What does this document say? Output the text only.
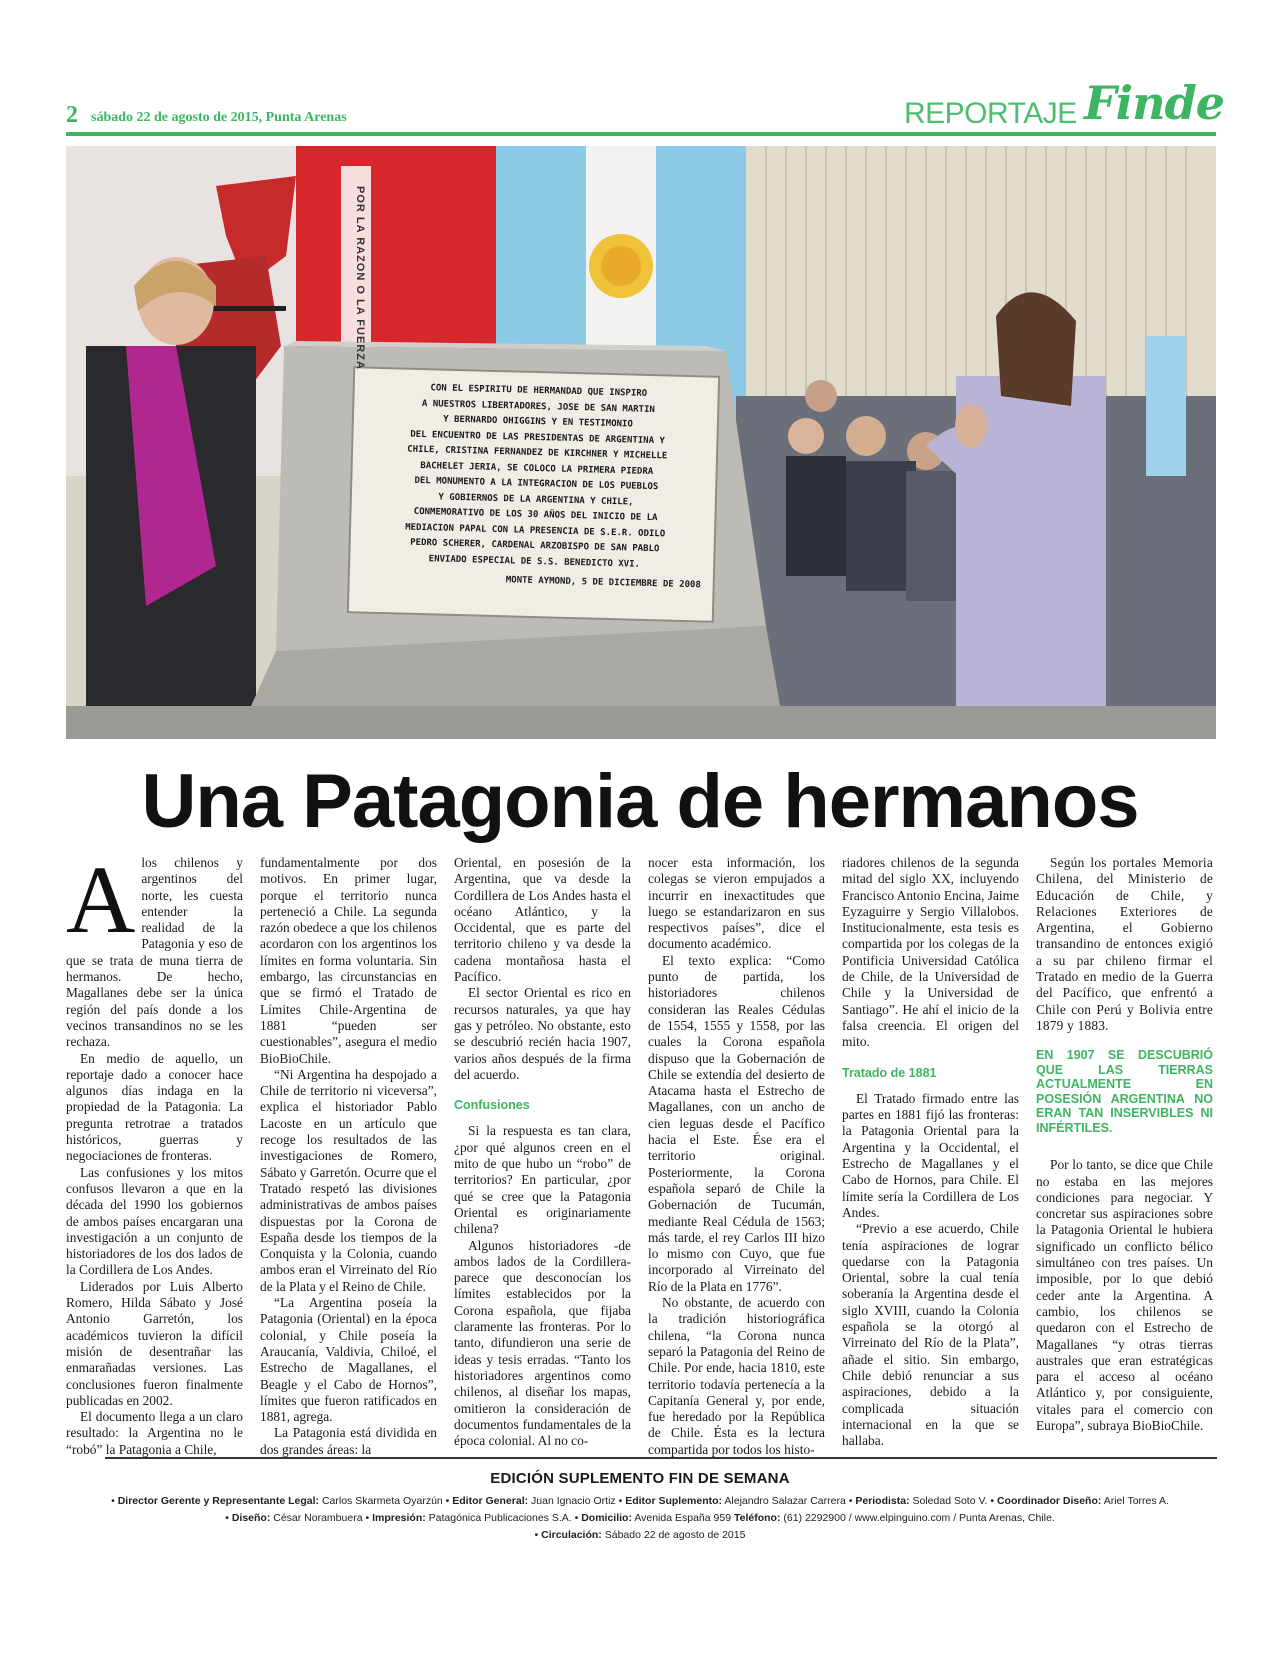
2 sábado 22 de agosto de 2015, Punta Arenas	REPORTAJE Finde
CON EL ESPIRITU DE HERMANDAD QUE INSPIRO
A NUESTROS LIBERTADORES, JOSE DE SAN MARTIN
Y BERNARDO OHIGGINS Y EN TESTIMONIO
DEL ENCUENTRO DE LAS PRESIDENTAS DE ARGENTINA Y
CHILE, CRISTINA FERNANDEZ DE KIRCHNER Y MICHELLE
BACHELET JERIA, SE COLOCO LA PRIMERA PIEDRA
DEL MONUMENTO A LA INTEGRACION DE LOS PUEBLOS
Y GOBIERNOS DE LA ARGENTINA Y CHILE,
CONMEMORATIVO DE LOS 30 AÑOS DEL INICIO DE LA
MEDIACION PAPAL CON LA PRESENCIA DE S.E.R. ODILO
PEDRO SCHERER, CARDENAL ARZOBISPO DE SAN PABLO
ENVIADO ESPECIAL DE S.S. BENEDICTO XVI.
MONTE AYMOND, 5 DE DICIEMBRE DE 2008
POR LA RAZON O LA FUERZA
Una Patagonia de hermanos
A los chilenos y argentinos del norte, les cuesta entender la realidad de la Patagonia y eso de que se trata de muna tierra de hermanos. De hecho, Magallanes debe ser la única región del país donde a los vecinos transandinos no se les rechaza.

En medio de aquello, un reportaje dado a conocer hace algunos días indaga en la propiedad de la Patagonia. La pregunta retrotrae a tratados históricos, guerras y negociaciones de fronteras.

Las confusiones y los mitos confusos llevaron a que en la década del 1990 los gobiernos de ambos países encargaran una investigación a un conjunto de historiadores de los dos lados de la Cordillera de Los Andes.

Liderados por Luis Alberto Romero, Hilda Sábato y José Antonio Garretón, los académicos tuvieron la difícil misión de desentrañar las enmarañadas versiones. Las conclusiones fueron finalmente publicadas en 2002.

El documento llega a un claro resultado: la Argentina no le “robó” la Patagonia a Chile,

fundamentalmente por dos motivos. En primer lugar, porque el territorio nunca perteneció a Chile. La segunda razón obedece a que los chilenos acordaron con los argentinos los límites en forma voluntaria. Sin embargo, las circunstancias en que se firmó el Tratado de Límites Chile-Argentina de 1881 “pueden ser cuestionables”, asegura el medio BioBioChile.

“Ni Argentina ha despojado a Chile de territorio ni viceversa”, explica el historiador Pablo Lacoste en un artículo que recoge los resultados de las investigaciones de Romero, Sábato y Garretón. Ocurre que el Tratado respetó las divisiones administrativas de ambos países dispuestas por la Corona de España desde los tiempos de la Conquista y la Colonia, cuando ambos eran el Virreinato del Río de la Plata y el Reino de Chile.

“La Argentina poseía la Patagonia (Oriental) en la época colonial, y Chile poseía la Araucanía, Valdivia, Chiloé, el Estrecho de Magallanes, el Beagle y el Cabo de Hornos”, límites que fueron ratificados en 1881, agrega.

La Patagonia está dividida en dos grandes áreas: la

Oriental, en posesión de la Argentina, que va desde la Cordillera de Los Andes hasta el océano Atlántico, y la Occidental, que es parte del territorio chileno y va desde la cadena montañosa hasta el Pacífico.

El sector Oriental es rico en recursos naturales, ya que hay gas y petróleo. No obstante, esto se descubrió recién hacia 1907, varios años después de la firma del acuerdo.

Confusiones

Si la respuesta es tan clara, ¿por qué algunos creen en el mito de que hubo un “robo” de territorios? En particular, ¿por qué se cree que la Patagonia Oriental es originariamente chilena?

Algunos historiadores -de ambos lados de la Cordillera- parece que desconocían los límites establecidos por la Corona española, que fijaba claramente las fronteras. Por lo tanto, difundieron una serie de ideas y tesis erradas. “Tanto los historiadores argentinos como chilenos, al diseñar los mapas, omitieron la consideración de documentos fundamentales de la época colonial. Al no co-

nocer esta información, los colegas se vieron empujados a incurrir en inexactitudes que luego se estandarizaron en sus respectivos países”, dice el documento académico.

El texto explica: “Como punto de partida, los historiadores chilenos consideran las Reales Cédulas de 1554, 1555 y 1558, por las cuales la Corona española dispuso que la Gobernación de Chile se extendía del desierto de Atacama hasta el Estrecho de Magallanes, con un ancho de cien leguas desde el Pacífico hacia el Este. Ése era el territorio original. Posteriormente, la Corona española separó de Chile la Gobernación de Tucumán, mediante Real Cédula de 1563; más tarde, el rey Carlos III hizo lo mismo con Cuyo, que fue incorporado al Virreinato del Río de la Plata en 1776”.

No obstante, de acuerdo con la tradición historiográfica chilena, “la Corona nunca separó la Patagonia del Reino de Chile. Por ende, hacia 1810, este territorio todavía pertenecía a la Capitanía General y, por ende, fue heredado por la República de Chile. Ésta es la lectura compartida por todos los histo-

riadores chilenos de la segunda mitad del siglo XX, incluyendo Francisco Antonio Encina, Jaime Eyzaguirre y Sergio Villalobos. Institucionalmente, esta tesis es compartida por los colegas de la Pontificia Universidad Católica de Chile, de la Universidad de Chile y la Universidad de Santiago”. He ahí el inicio de la falsa creencia. El origen del mito.

Tratado de 1881

El Tratado firmado entre las partes en 1881 fijó las fronteras: la Patagonia Oriental para la Argentina y la Occidental, el Estrecho de Magallanes y el Cabo de Hornos, para Chile. El límite sería la Cordillera de Los Andes.

“Previo a ese acuerdo, Chile tenía aspiraciones de lograr quedarse con la Patagonia Oriental, sobre la cual tenía soberanía la Argentina desde el siglo XVIII, cuando la Colonia española se la otorgó al Virreinato del Río de la Plata”, añade el sitio. Sin embargo, Chile debió renunciar a sus aspiraciones, debido a la complicada situación internacional en la que se hallaba.

Según los portales Memoria Chilena, del Ministerio de Educación de Chile, y Relaciones Exteriores de Argentina, el Gobierno transandino de entonces exigió a su par chileno firmar el Tratado en medio de la Guerra del Pacífico, que enfrentó a Chile con Perú y Bolivia entre 1879 y 1883.

EN 1907 SE DESCUBRIÓ QUE LAS TIERRAS ACTUALMENTE EN POSESIÓN ARGENTINA NO ERAN TAN INSERVIBLES NI INFÉRTILES.

Por lo tanto, se dice que Chile no estaba en las mejores condiciones para negociar. Y concretar sus aspiraciones sobre la Patagonia Oriental le hubiera significado un conflicto bélico simultáneo con tres países. Un imposible, por lo que debió ceder ante la Argentina. A cambio, los chilenos se quedaron con el Estrecho de Magallanes “y otras tierras australes que eran estratégicas para el acceso al océano Atlántico y, por consiguiente, vitales para el comercio con Europa”, subraya BioBioChile.

EDICIÓN SUPLEMENTO FIN DE SEMANA
• Director Gerente y Representante Legal: Carlos Skarmeta Oyarzún • Editor General: Juan Ignacio Ortiz • Editor Suplemento: Alejandro Salazar Carrera • Periodista: Soledad Soto V. • Coordinador Diseño: Ariel Torres A.
• Diseño: César Norambuera • Impresión: Patagónica Publicaciones S.A. • Domicilio: Avenida España 959 Teléfono: (61) 2292900 / www.elpinguino.com / Punta Arenas, Chile.
• Circulación: Sábado 22 de agosto de 2015
